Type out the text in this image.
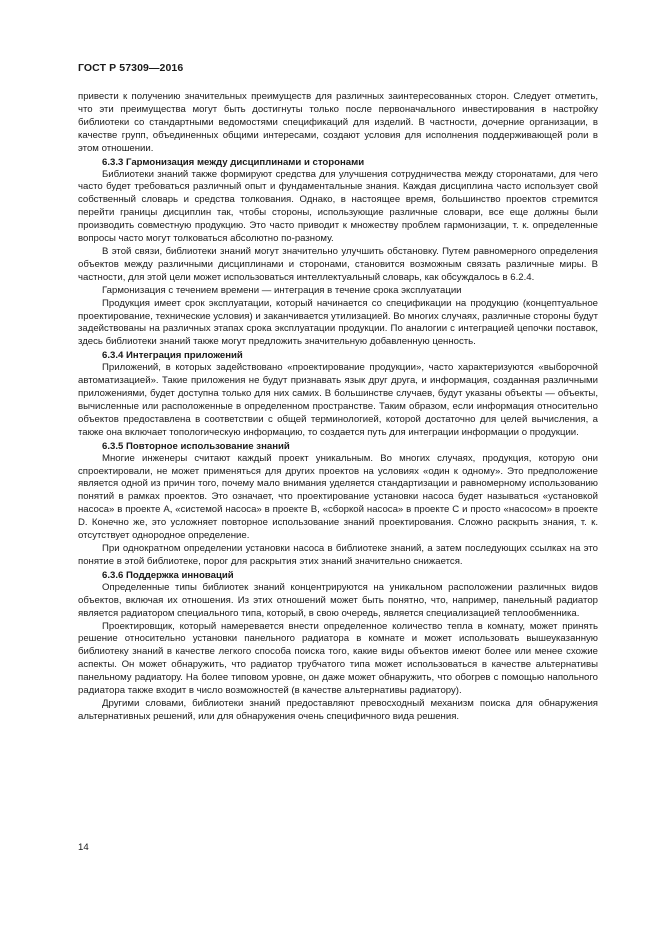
ГОСТ Р 57309—2016

привести к получению значительных преимуществ для различных заинтересованных сторон. Следует отметить, что эти преимущества могут быть достигнуты только после первоначального инвестирования в настройку библиотеки со стандартными ведомостями спецификаций для изделий. В частности, дочерние организации, в качестве групп, объединенных общими интересами, создают условия для исполнения поддерживающей роли в этом отношении.

6.3.3 Гармонизация между дисциплинами и сторонами

Библиотеки знаний также формируют средства для улучшения сотрудничества между сторонатами, для чего часто будет требоваться различный опыт и фундаментальные знания. Каждая дисциплина часто использует свой собственный словарь и средства толкования. Однако, в настоящее время, большинство проектов стремится перейти границы дисциплин так, чтобы стороны, использующие различные словари, все еще должны были производить совместную продукцию. Это часто приводит к множеству проблем гармонизации, т. к. определенные вопросы часто могут толковаться абсолютно по-разному.

В этой связи, библиотеки знаний могут значительно улучшить обстановку. Путем равномерного определения объектов между различными дисциплинами и сторонами, становится возможным связать различные миры. В частности, для этой цели может использоваться интеллектуальный словарь, как обсуждалось в 6.2.4.

Гармонизация с течением времени — интеграция в течение срока эксплуатации

Продукция имеет срок эксплуатации, который начинается со спецификации на продукцию (концептуальное проектирование, технические условия) и заканчивается утилизацией. Во многих случаях, различные стороны будут задействованы на различных этапах срока эксплуатации продукции. По аналогии с интеграцией цепочки поставок, здесь библиотеки знаний также могут предложить значительную добавленную ценность.

6.3.4 Интеграция приложений

Приложений, в которых задействовано «проектирование продукции», часто характеризуются «выборочной автоматизацией». Такие приложения не будут признавать язык друг друга, и информация, созданная различными приложениями, будет доступна только для них самих. В большинстве случаев, будут указаны объекты — объекты, вычисленные или расположенные в определенном пространстве. Таким образом, если информация относительно объектов предоставлена в соответствии с общей терминологией, которой достаточно для целей вычисления, а также она включает топологическую информацию, то создается путь для интеграции информации о продукции.

6.3.5 Повторное использование знаний

Многие инженеры считают каждый проект уникальным. Во многих случаях, продукция, которую они спроектировали, не может применяться для других проектов на условиях «один к одному». Это предположение является одной из причин того, почему мало внимания уделяется стандартизации и равномерному использованию понятий в рамках проектов. Это означает, что проектирование установки насоса будет называться «установкой насоса» в проекте А, «системой насоса» в проекте В, «сборкой насоса» в проекте С и просто «насосом» в проекте D. Конечно же, это усложняет повторное использование знаний проектирования. Сложно раскрыть знания, т. к. отсутствует однородное определение.

При однократном определении установки насоса в библиотеке знаний, а затем последующих ссылках на это понятие в этой библиотеке, порог для раскрытия этих знаний значительно снижается.

6.3.6 Поддержка инноваций

Определенные типы библиотек знаний концентрируются на уникальном расположении различных видов объектов, включая их отношения. Из этих отношений может быть понятно, что, например, панельный радиатор является радиатором специального типа, который, в свою очередь, является специализацией теплообменника.

Проектировщик, который намеревается внести определенное количество тепла в комнату, может принять решение относительно установки панельного радиатора в комнате и может использовать вышеуказанную библиотеку знаний в качестве легкого способа поиска того, какие виды объектов имеют более или менее схожие аспекты. Он может обнаружить, что радиатор трубчатого типа может использоваться в качестве альтернативы панельному радиатору. На более типовом уровне, он даже может обнаружить, что обогрев с помощью напольного радиатора также входит в число возможностей (в качестве альтернативы радиатору).

Другими словами, библиотеки знаний предоставляют превосходный механизм поиска для обнаружения альтернативных решений, или для обнаружения очень специфичного вида решения.

14
